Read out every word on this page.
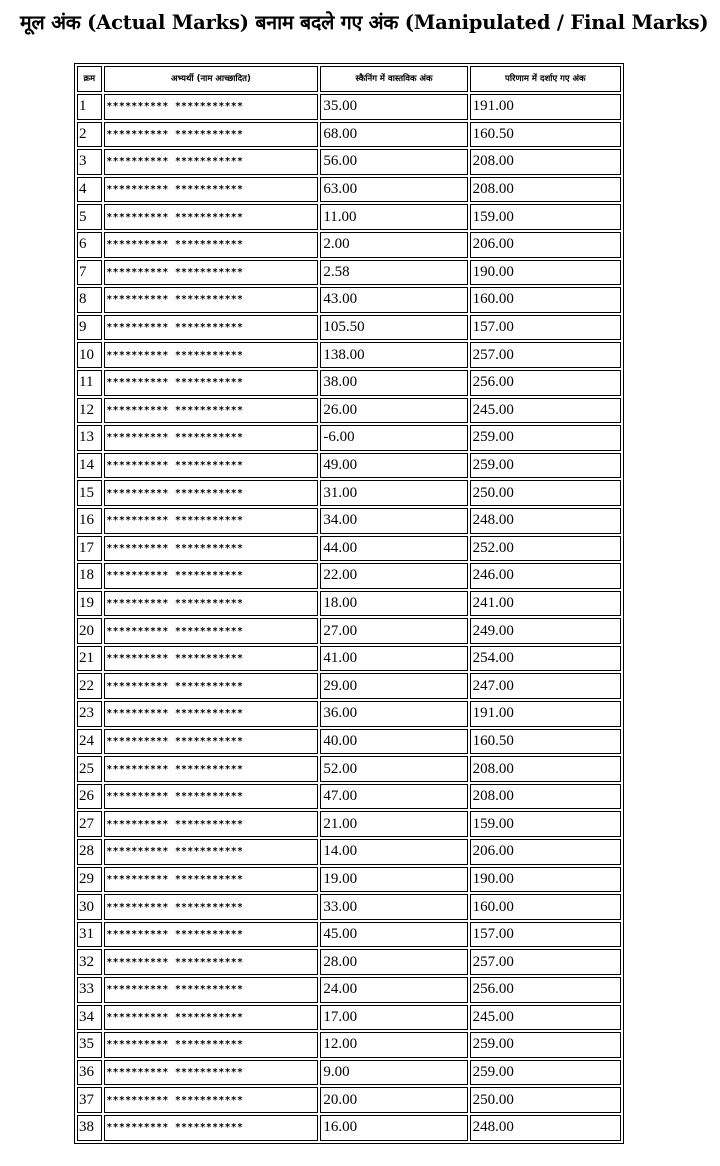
मूल अंक (Actual Marks) बनाम बदले गए अंक (Manipulated / Final Marks)
क्रम	अभ्यर्थी (नाम आच्छादित)	स्कैनिंग में वास्तविक अंक	परिणाम में दर्शाए गए अंक
1	********** ***********	35.00	191.00
2	********** ***********	68.00	160.50
3	********** ***********	56.00	208.00
4	********** ***********	63.00	208.00
5	********** ***********	11.00	159.00
6	********** ***********	2.00	206.00
7	********** ***********	2.58	190.00
8	********** ***********	43.00	160.00
9	********** ***********	105.50	157.00
10	********** ***********	138.00	257.00
11	********** ***********	38.00	256.00
12	********** ***********	26.00	245.00
13	********** ***********	-6.00	259.00
14	********** ***********	49.00	259.00
15	********** ***********	31.00	250.00
16	********** ***********	34.00	248.00
17	********** ***********	44.00	252.00
18	********** ***********	22.00	246.00
19	********** ***********	18.00	241.00
20	********** ***********	27.00	249.00
21	********** ***********	41.00	254.00
22	********** ***********	29.00	247.00
23	********** ***********	36.00	191.00
24	********** ***********	40.00	160.50
25	********** ***********	52.00	208.00
26	********** ***********	47.00	208.00
27	********** ***********	21.00	159.00
28	********** ***********	14.00	206.00
29	********** ***********	19.00	190.00
30	********** ***********	33.00	160.00
31	********** ***********	45.00	157.00
32	********** ***********	28.00	257.00
33	********** ***********	24.00	256.00
34	********** ***********	17.00	245.00
35	********** ***********	12.00	259.00
36	********** ***********	9.00	259.00
37	********** ***********	20.00	250.00
38	********** ***********	16.00	248.00
